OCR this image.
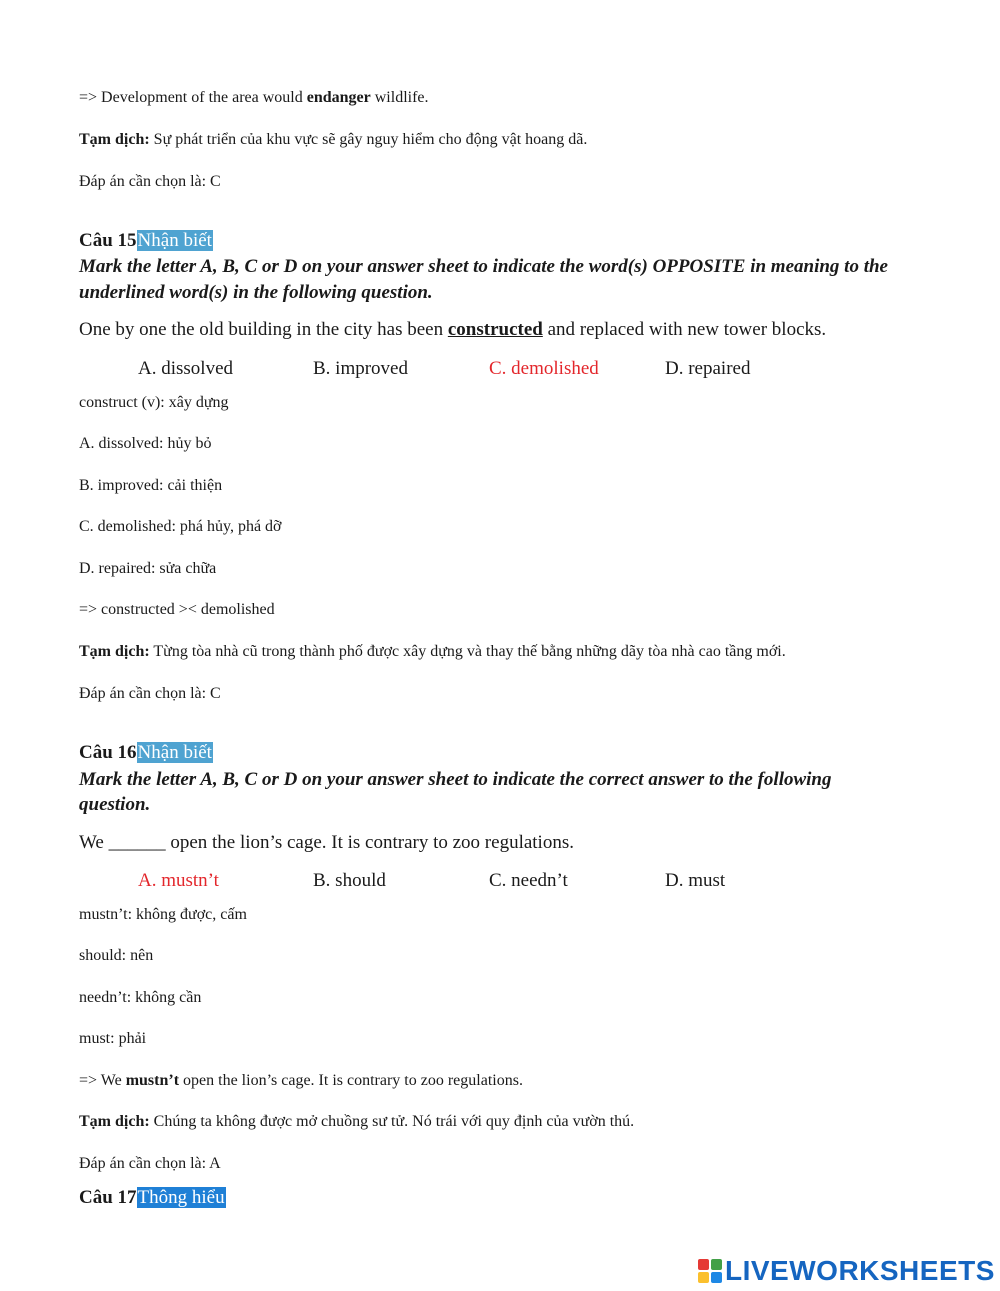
=> Development of the area would endanger wildlife.
Tạm dịch: Sự phát triển của khu vực sẽ gây nguy hiểm cho động vật hoang dã.
Đáp án cần chọn là: C
Câu 15Nhận biết
Mark the letter A, B, C or D on your answer sheet to indicate the word(s) OPPOSITE in meaning to the
underlined word(s) in the following question.
One by one the old building in the city has been constructed and replaced with new tower blocks.
A. dissolved	B. improved	C. demolished	D. repaired
construct (v): xây dựng
A. dissolved: hủy bỏ
B. improved: cải thiện
C. demolished: phá hủy, phá dỡ
D. repaired: sửa chữa
=> constructed >< demolished
Tạm dịch: Từng tòa nhà cũ trong thành phố được xây dựng và thay thế bằng những dãy tòa nhà cao tầng mới.
Đáp án cần chọn là: C
Câu 16Nhận biết
Mark the letter A, B, C or D on your answer sheet to indicate the correct answer to the following
question.
We ______ open the lion’s cage. It is contrary to zoo regulations.
A. mustn’t	B. should	C. needn’t	D. must
mustn’t: không được, cấm
should: nên
needn’t: không cần
must: phải
=> We mustn’t open the lion’s cage. It is contrary to zoo regulations.
Tạm dịch: Chúng ta không được mở chuồng sư tử. Nó trái với quy định của vườn thú.
Đáp án cần chọn là: A
Câu 17Thông hiểu
LIVEWORKSHEETS
